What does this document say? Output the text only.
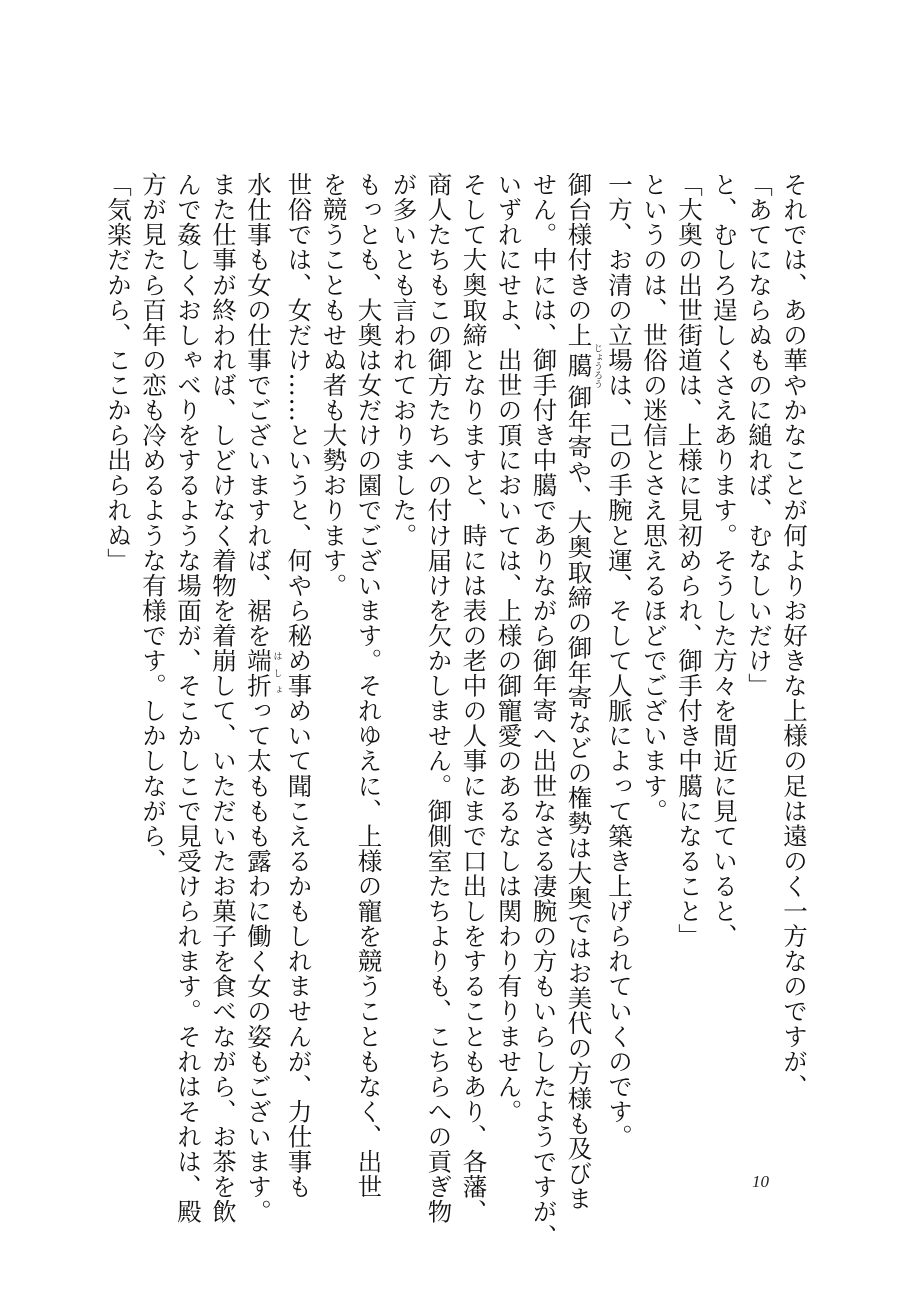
それでは、あの華やかなことが何よりお好きな上様の足は遠のく一方なのですが、
「あてにならぬものに縋れば、むなしいだけ」
と、むしろ逞しくさえあります。そうした方々を間近に見ていると、
「大奥の出世街道は、上様に見初められ、御手付き中臈になること」
というのは、世俗の迷信とさえ思えるほどでございます。
一方、お清の立場は、己の手腕と運、そして人脈によって築き上げられていくのです。
御台様付きの上臈じょうろう御年寄や、大奥取締の御年寄などの権勢は大奥ではお美代の方様も及びま
せん。中には、御手付き中臈でありながら御年寄へ出世なさる凄腕の方もいらしたようですが、
いずれにせよ、出世の頂においては、上様の御寵愛のあるなしは関わり有りません。
そして大奥取締となりますと、時には表の老中の人事にまで口出しをすることもあり、各藩、
商人たちもこの御方たちへの付け届けを欠かしません。御側室たちよりも、こちらへの貢ぎ物
が多いとも言われておりました。
もっとも、大奥は女だけの園でございます。それゆえに、上様の寵を競うこともなく、出世
を競うこともせぬ者も大勢おります。
世俗では、女だけ……というと、何やら秘め事めいて聞こえるかもしれませんが、力仕事も
水仕事も女の仕事でございますれば、裾を端折はしょって太ももも露わに働く女の姿もございます。
また仕事が終われば、しどけなく着物を着崩して、いただいたお菓子を食べながら、お茶を飲
んで姦しくおしゃべりをするような場面が、そこかしこで見受けられます。それはそれは、殿
方が見たら百年の恋も冷めるような有様です。しかしながら、
「気楽だから、ここから出られぬ」
10
